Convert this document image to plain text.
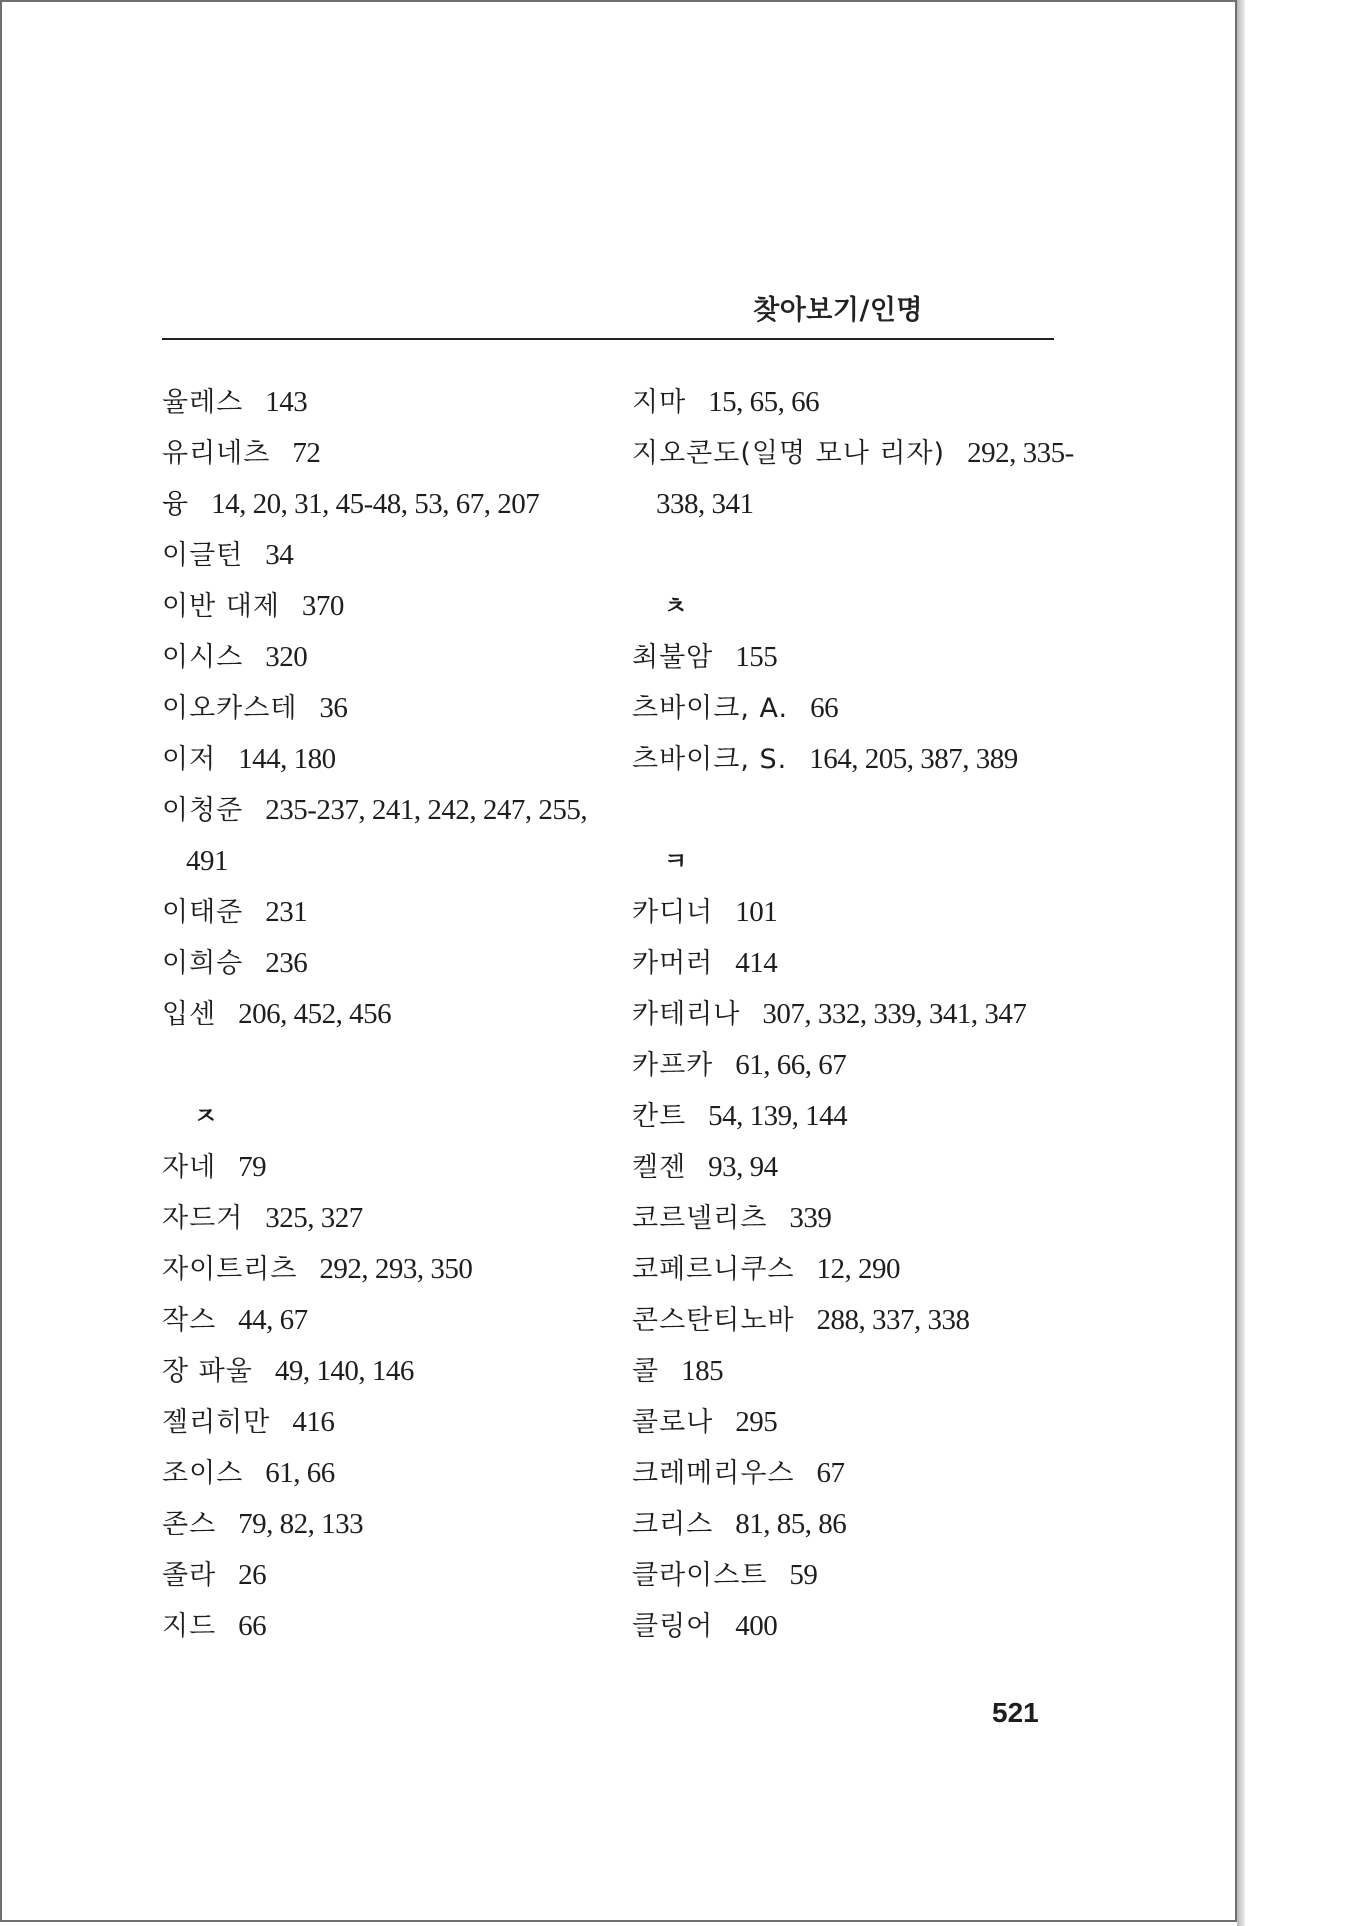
찾아보기/인명
율레스 143
유리네츠 72
융 14, 20, 31, 45-48, 53, 67, 207
이글턴 34
이반 대제 370
이시스 320
이오카스테 36
이저 144, 180
이청준 235-237, 241, 242, 247, 255,
491
이태준 231
이희승 236
입센 206, 452, 456
ㅈ
자네 79
자드거 325, 327
자이트리츠 292, 293, 350
작스 44, 67
장 파울 49, 140, 146
젤리히만 416
조이스 61, 66
존스 79, 82, 133
졸라 26
지드 66
지마 15, 65, 66
지오콘도(일명 모나 리자) 292, 335-
338, 341
ㅊ
최불암 155
츠바이크, A. 66
츠바이크, S. 164, 205, 387, 389
ㅋ
카디너 101
카머러 414
카테리나 307, 332, 339, 341, 347
카프카 61, 66, 67
칸트 54, 139, 144
켈젠 93, 94
코르넬리츠 339
코페르니쿠스 12, 290
콘스탄티노바 288, 337, 338
콜 185
콜로나 295
크레메리우스 67
크리스 81, 85, 86
클라이스트 59
클링어 400
521
